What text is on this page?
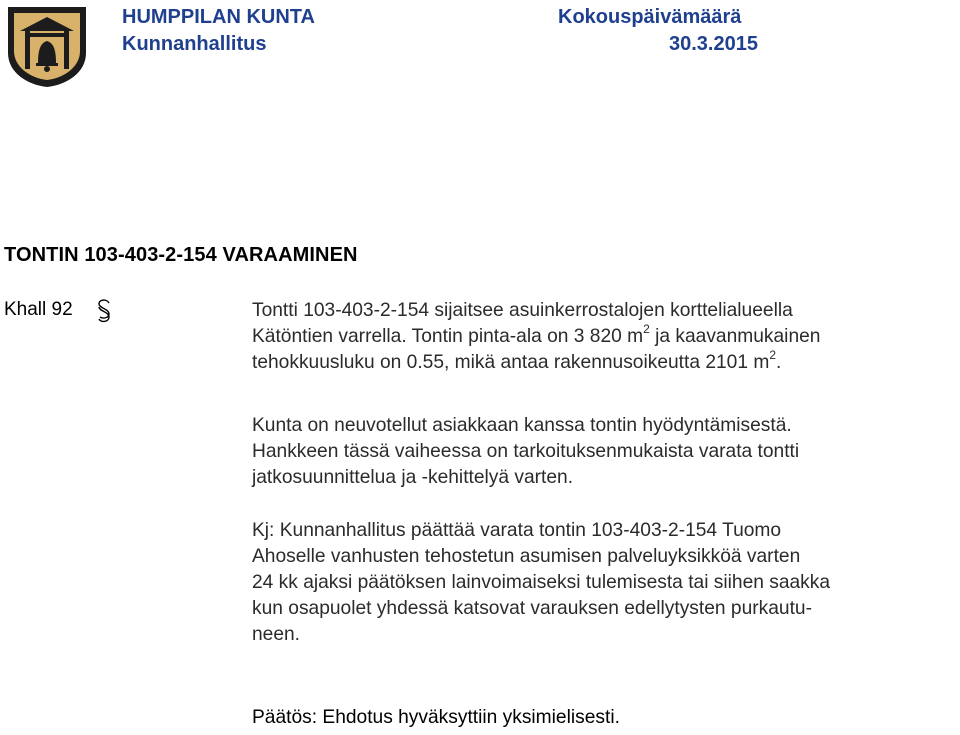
HUMPPILAN KUNTA
Kunnanhallitus
Kokouspäivämäärä
30.3.2015
TONTIN 103-403-2-154 VARAAMINEN
Khall 92	Tontti 103-403-2-154 sijaitsee asuinkerrostalojen korttelialueella
Kätöntien varrella. Tontin pinta-ala on 3 820 $m^2$ ja kaavanmukainen
tehokkuusluku on 0.55, mikä antaa rakennusoikeutta 2101 $m^2$.
Kunta on neuvotellut asiakkaan kanssa tontin hyödyntämisestä.
Hankkeen tässä vaiheessa on tarkoituksenmukaista varata tontti
jatkosuunnittelua ja -kehittelyä varten.
Kj: Kunnanhallitus päättää varata tontin 103-403-2-154 Tuomo
Ahoselle vanhusten tehostetun asumisen palveluyksikköä varten
24 kk ajaksi päätöksen lainvoimaiseksi tulemisesta tai siihen saakka
kun osapuolet yhdessä katsovat varauksen edellytysten purkautu-
neen.
Päätös: Ehdotus hyväksyttiin yksimielisesti.
